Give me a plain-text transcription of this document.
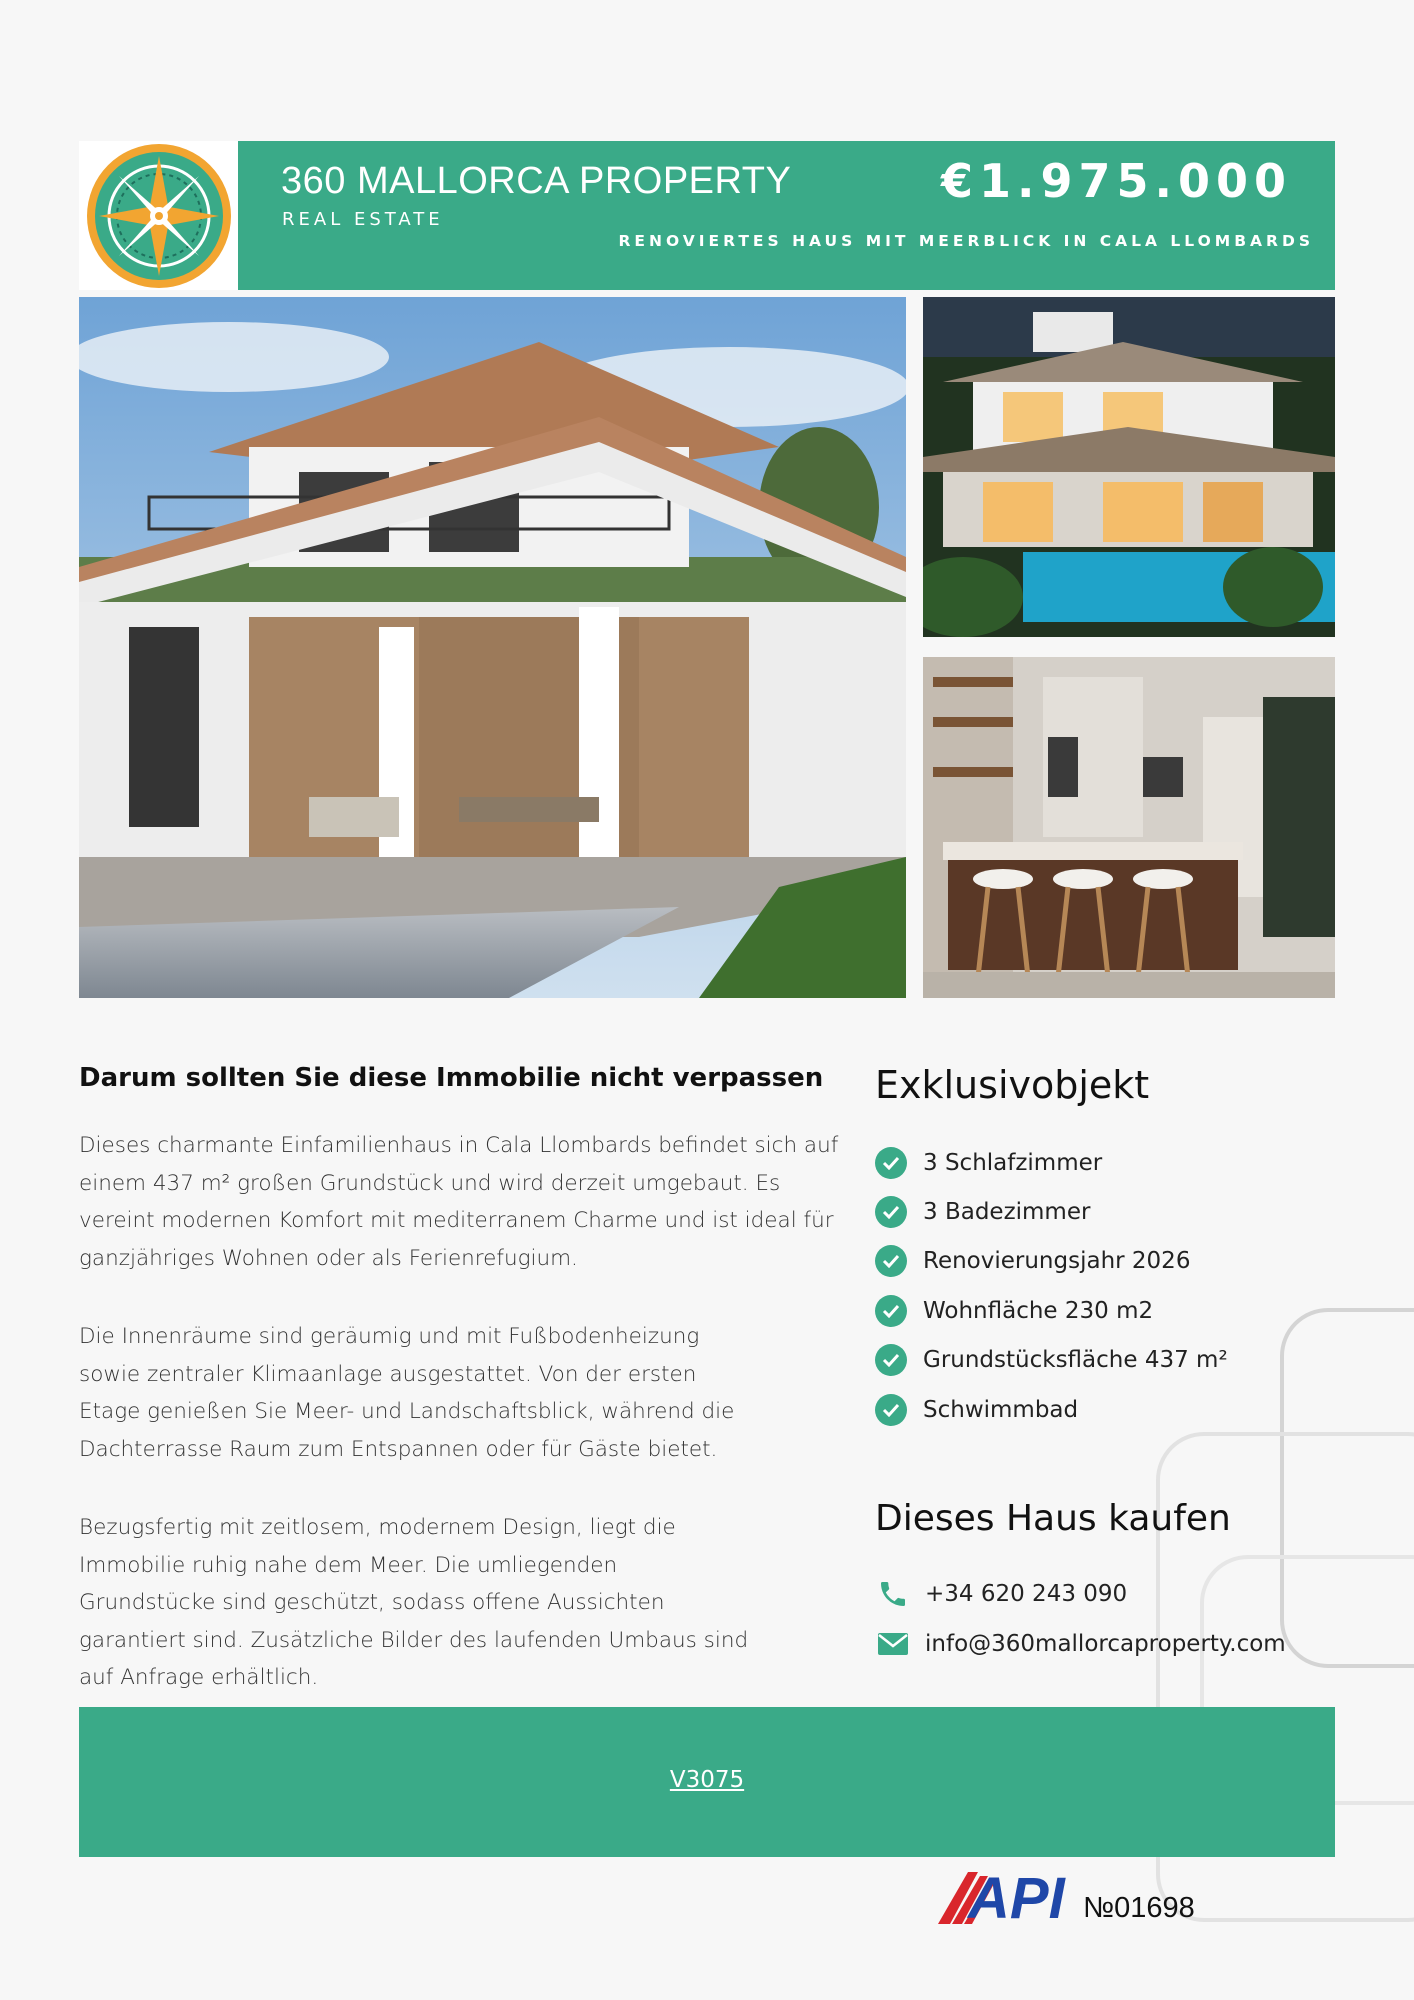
360 MALLORCA PROPERTY
REAL ESTATE
€1.975.000
RENOVIERTES HAUS MIT MEERBLICK IN CALA LLOMBARDS
Darum sollten Sie diese Immobilie nicht verpassen
Dieses charmante Einfamilienhaus in Cala Llombards befindet sich auf
einem 437 m² großen Grundstück und wird derzeit umgebaut. Es
vereint modernen Komfort mit mediterranem Charme und ist ideal für
ganzjähriges Wohnen oder als Ferienrefugium.
Die Innenräume sind geräumig und mit Fußbodenheizung
sowie zentraler Klimaanlage ausgestattet. Von der ersten
Etage genießen Sie Meer- und Landschaftsblick, während die
Dachterrasse Raum zum Entspannen oder für Gäste bietet.
Bezugsfertig mit zeitlosem, modernem Design, liegt die
Immobilie ruhig nahe dem Meer. Die umliegenden
Grundstücke sind geschützt, sodass offene Aussichten
garantiert sind. Zusätzliche Bilder des laufenden Umbaus sind
auf Anfrage erhältlich.
Exklusivobjekt
3 Schlafzimmer
3 Badezimmer
Renovierungsjahr 2026
Wohnfläche 230 m2
Grundstücksfläche 437 m²
Schwimmbad
Dieses Haus kaufen
+34 620 243 090
info@360mallorcaproperty.com
V3075
API №01698
